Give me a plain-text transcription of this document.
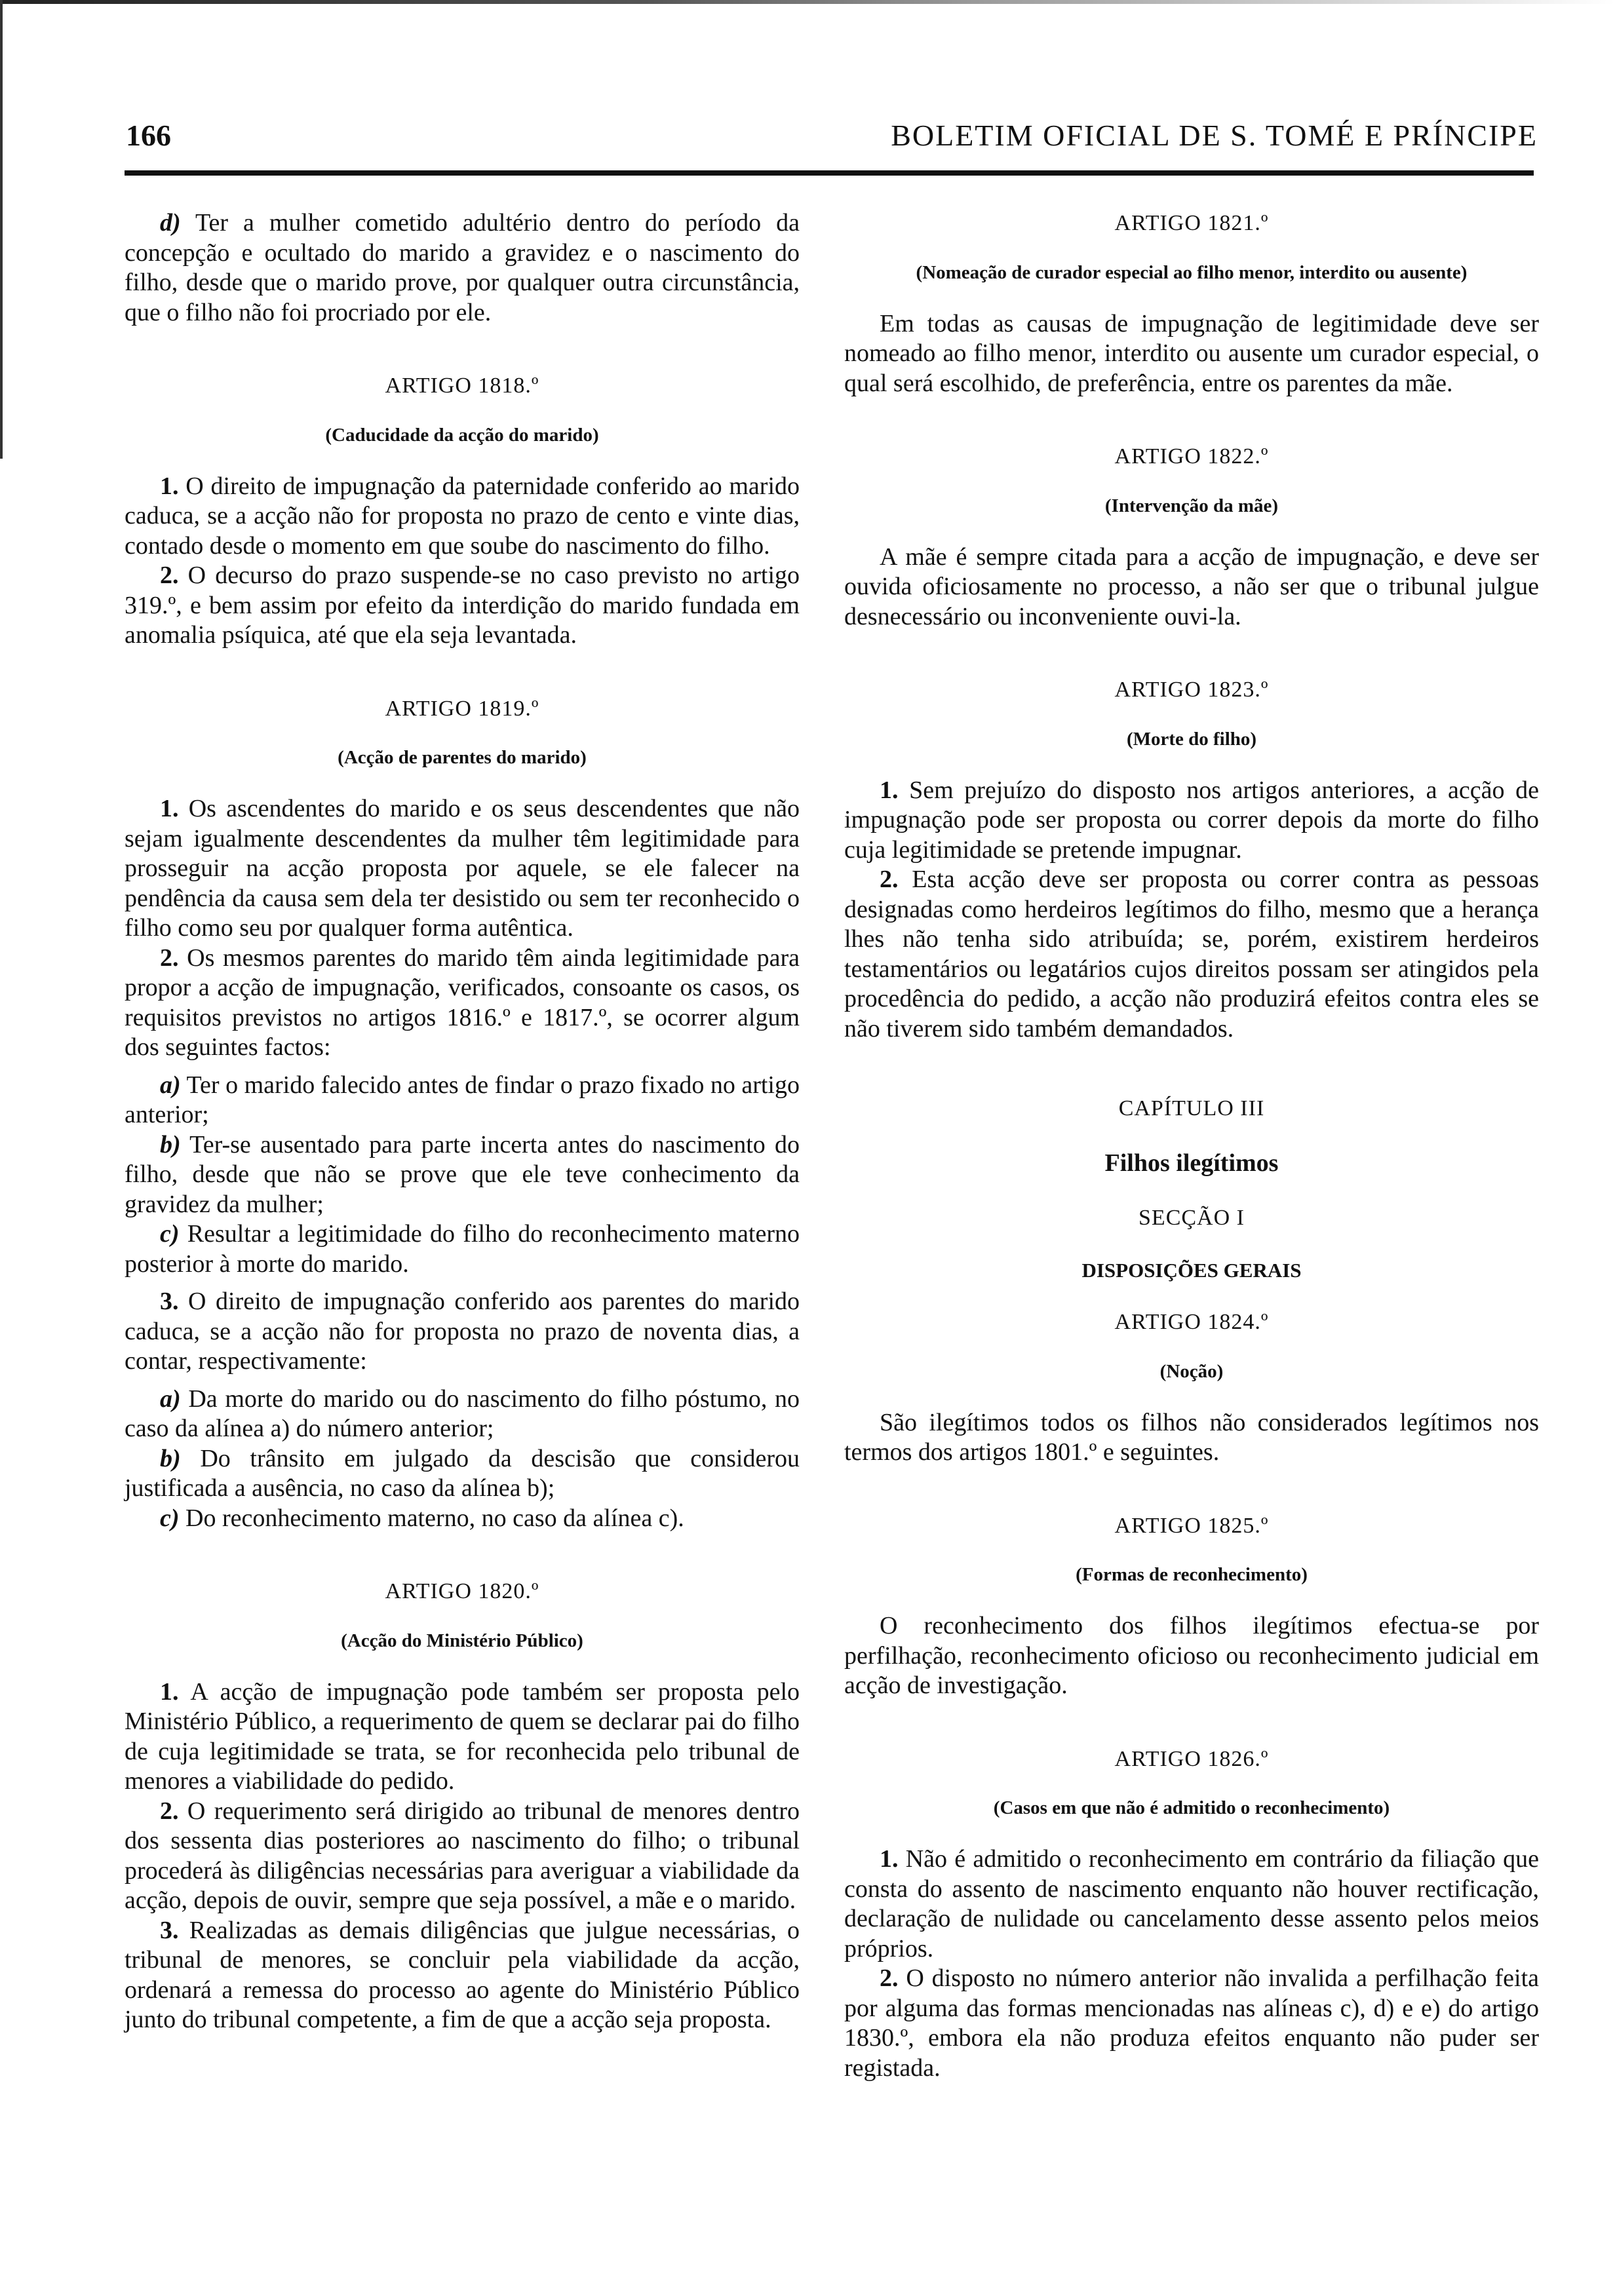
166	BOLETIM OFICIAL DE S. TOMÉ E PRÍNCIPE
d) Ter a mulher cometido adultério dentro do período da concepção e ocultado do marido a gravidez e o nascimento do filho, desde que o marido prove, por qualquer outra circunstância, que o filho não foi procriado por ele.
ARTIGO 1818.º
(Caducidade da acção do marido)
1. O direito de impugnação da paternidade conferido ao marido caduca, se a acção não for proposta no prazo de cento e vinte dias, contado desde o momento em que soube do nascimento do filho.
2. O decurso do prazo suspende-se no caso previsto no artigo 319.º, e bem assim por efeito da interdição do marido fundada em anomalia psíquica, até que ela seja levantada.
ARTIGO 1819.º
(Acção de parentes do marido)
1. Os ascendentes do marido e os seus descendentes que não sejam igualmente descendentes da mulher têm legitimidade para prosseguir na acção proposta por aquele, se ele falecer na pendência da causa sem dela ter desistido ou sem ter reconhecido o filho como seu por qualquer forma autêntica.
2. Os mesmos parentes do marido têm ainda legitimidade para propor a acção de impugnação, verificados, consoante os casos, os requisitos previstos no artigos 1816.º e 1817.º, se ocorrer algum dos seguintes factos:
a) Ter o marido falecido antes de findar o prazo fixado no artigo anterior;
b) Ter-se ausentado para parte incerta antes do nascimento do filho, desde que não se prove que ele teve conhecimento da gravidez da mulher;
c) Resultar a legitimidade do filho do reconhecimento materno posterior à morte do marido.
3. O direito de impugnação conferido aos parentes do marido caduca, se a acção não for proposta no prazo de noventa dias, a contar, respectivamente:
a) Da morte do marido ou do nascimento do filho póstumo, no caso da alínea a) do número anterior;
b) Do trânsito em julgado da descisão que considerou justificada a ausência, no caso da alínea b);
c) Do reconhecimento materno, no caso da alínea c).
ARTIGO 1820.º
(Acção do Ministério Público)
1. A acção de impugnação pode também ser proposta pelo Ministério Público, a requerimento de quem se declarar pai do filho de cuja legitimidade se trata, se for reconhecida pelo tribunal de menores a viabilidade do pedido.
2. O requerimento será dirigido ao tribunal de menores dentro dos sessenta dias posteriores ao nascimento do filho; o tribunal procederá às diligências necessárias para averiguar a viabilidade da acção, depois de ouvir, sempre que seja possível, a mãe e o marido.
3. Realizadas as demais diligências que julgue necessárias, o tribunal de menores, se concluir pela viabilidade da acção, ordenará a remessa do processo ao agente do Ministério Público junto do tribunal competente, a fim de que a acção seja proposta.
ARTIGO 1821.º
(Nomeação de curador especial ao filho menor, interdito ou ausente)
Em todas as causas de impugnação de legitimidade deve ser nomeado ao filho menor, interdito ou ausente um curador especial, o qual será escolhido, de preferência, entre os parentes da mãe.
ARTIGO 1822.º
(Intervenção da mãe)
A mãe é sempre citada para a acção de impugnação, e deve ser ouvida oficiosamente no processo, a não ser que o tribunal julgue desnecessário ou inconveniente ouvi-la.
ARTIGO 1823.º
(Morte do filho)
1. Sem prejuízo do disposto nos artigos anteriores, a acção de impugnação pode ser proposta ou correr depois da morte do filho cuja legitimidade se pretende impugnar.
2. Esta acção deve ser proposta ou correr contra as pessoas designadas como herdeiros legítimos do filho, mesmo que a herança lhes não tenha sido atribuída; se, porém, existirem herdeiros testamentários ou legatários cujos direitos possam ser atingidos pela procedência do pedido, a acção não produzirá efeitos contra eles se não tiverem sido também demandados.
CAPÍTULO III
Filhos ilegítimos
SECÇÃO I
DISPOSIÇÕES GERAIS
ARTIGO 1824.º
(Noção)
São ilegítimos todos os filhos não considerados legítimos nos termos dos artigos 1801.º e seguintes.
ARTIGO 1825.º
(Formas de reconhecimento)
O reconhecimento dos filhos ilegítimos efectua-se por perfilhação, reconhecimento oficioso ou reconhecimento judicial em acção de investigação.
ARTIGO 1826.º
(Casos em que não é admitido o reconhecimento)
1. Não é admitido o reconhecimento em contrário da filiação que consta do assento de nascimento enquanto não houver rectificação, declaração de nulidade ou cancelamento desse assento pelos meios próprios.
2. O disposto no número anterior não invalida a perfilhação feita por alguma das formas mencionadas nas alíneas c), d) e e) do artigo 1830.º, embora ela não produza efeitos enquanto não puder ser registada.
